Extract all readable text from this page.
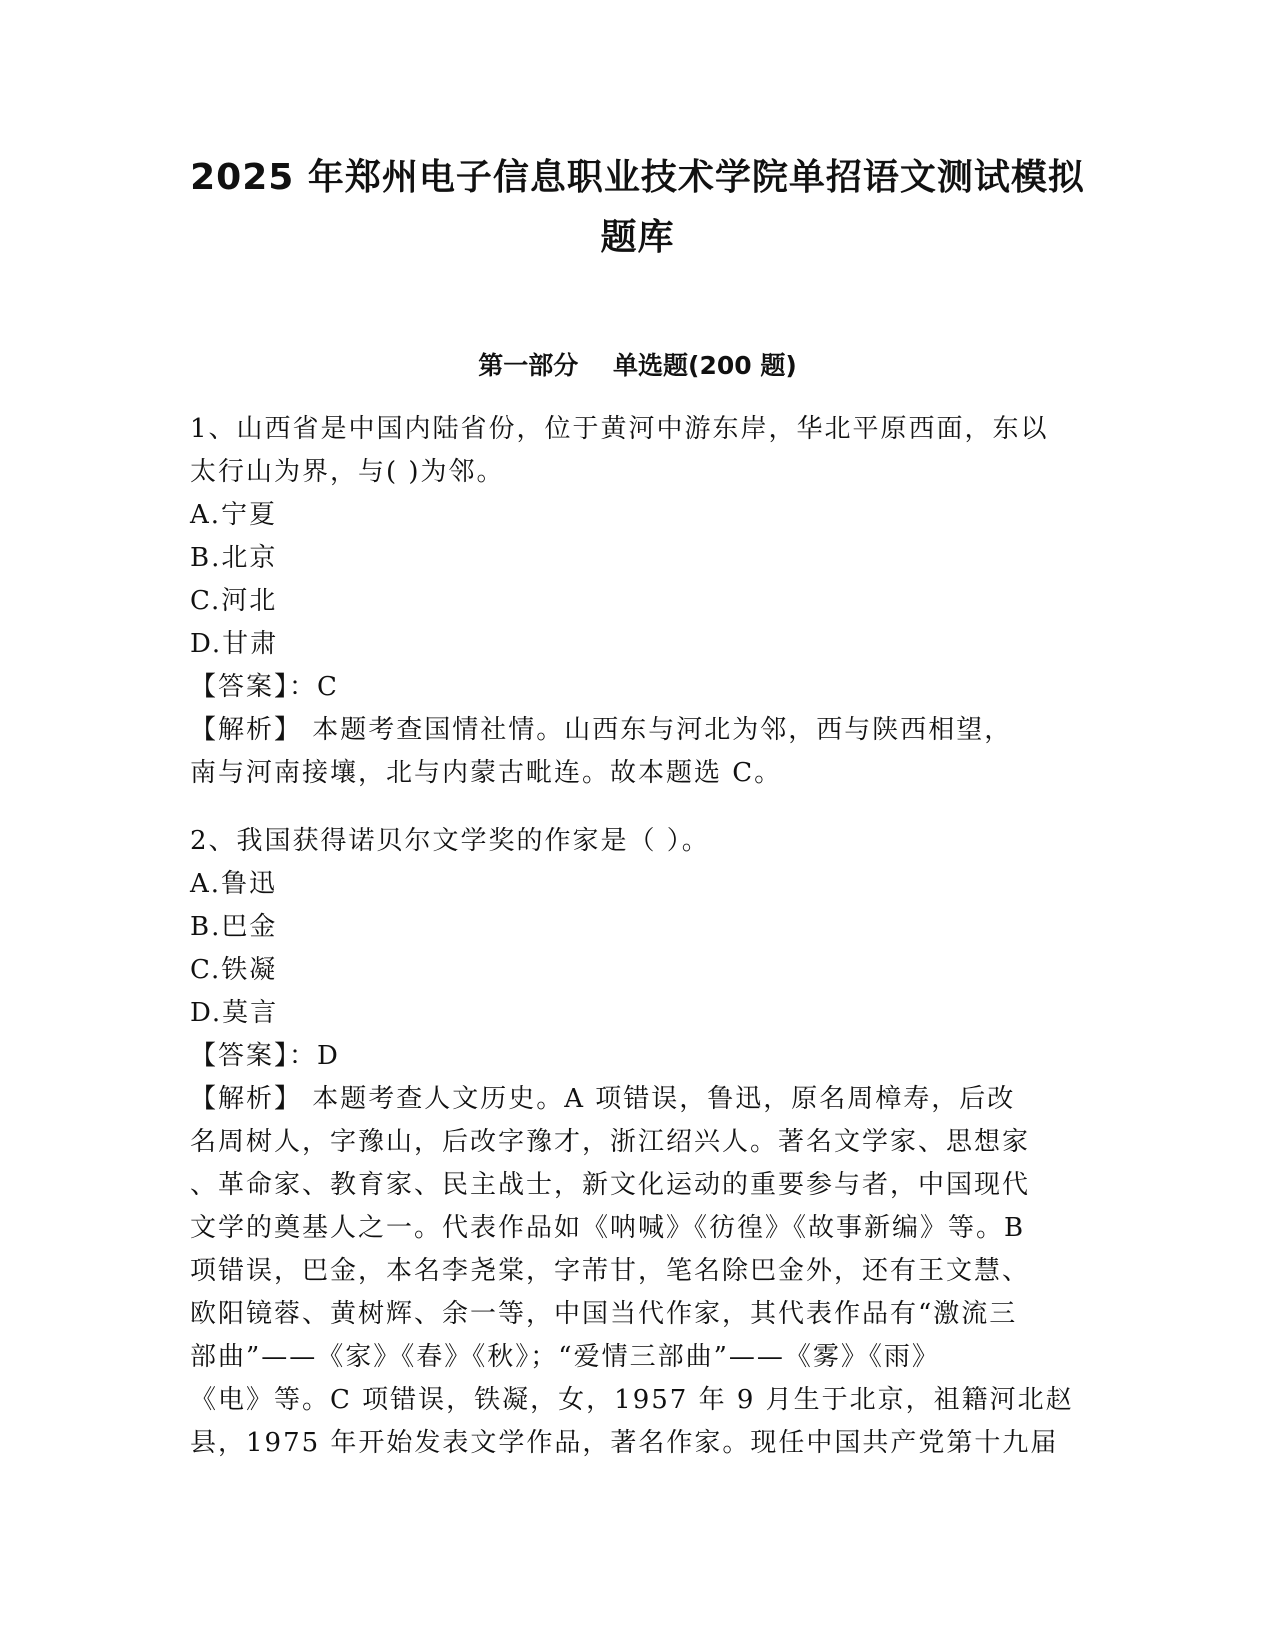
2025 年郑州电子信息职业技术学院单招语文测试模拟
题库
第一部分    单选题(200 题)
1、山西省是中国内陆省份，位于黄河中游东岸，华北平原西面，东以
太行山为界，与( )为邻。
A.宁夏
B.北京
C.河北
D.甘肃
【答案】：C
【解析】 本题考查国情社情。山西东与河北为邻，西与陕西相望，
南与河南接壤，北与内蒙古毗连。故本题选 C。
2、我国获得诺贝尔文学奖的作家是（ ）。
A.鲁迅
B.巴金
C.铁凝
D.莫言
【答案】：D
【解析】 本题考查人文历史。A 项错误，鲁迅，原名周樟寿，后改
名周树人，字豫山，后改字豫才，浙江绍兴人。著名文学家、思想家
、革命家、教育家、民主战士，新文化运动的重要参与者，中国现代
文学的奠基人之一。代表作品如《呐喊》《彷徨》《故事新编》等。B
项错误，巴金，本名李尧棠，字芾甘，笔名除巴金外，还有王文慧、
欧阳镜蓉、黄树辉、余一等，中国当代作家，其代表作品有“激流三
部曲”——《家》《春》《秋》；“爱情三部曲”——《雾》《雨》
《电》等。C 项错误，铁凝，女，1957 年 9 月生于北京，祖籍河北赵
县，1975 年开始发表文学作品，著名作家。现任中国共产党第十九届
